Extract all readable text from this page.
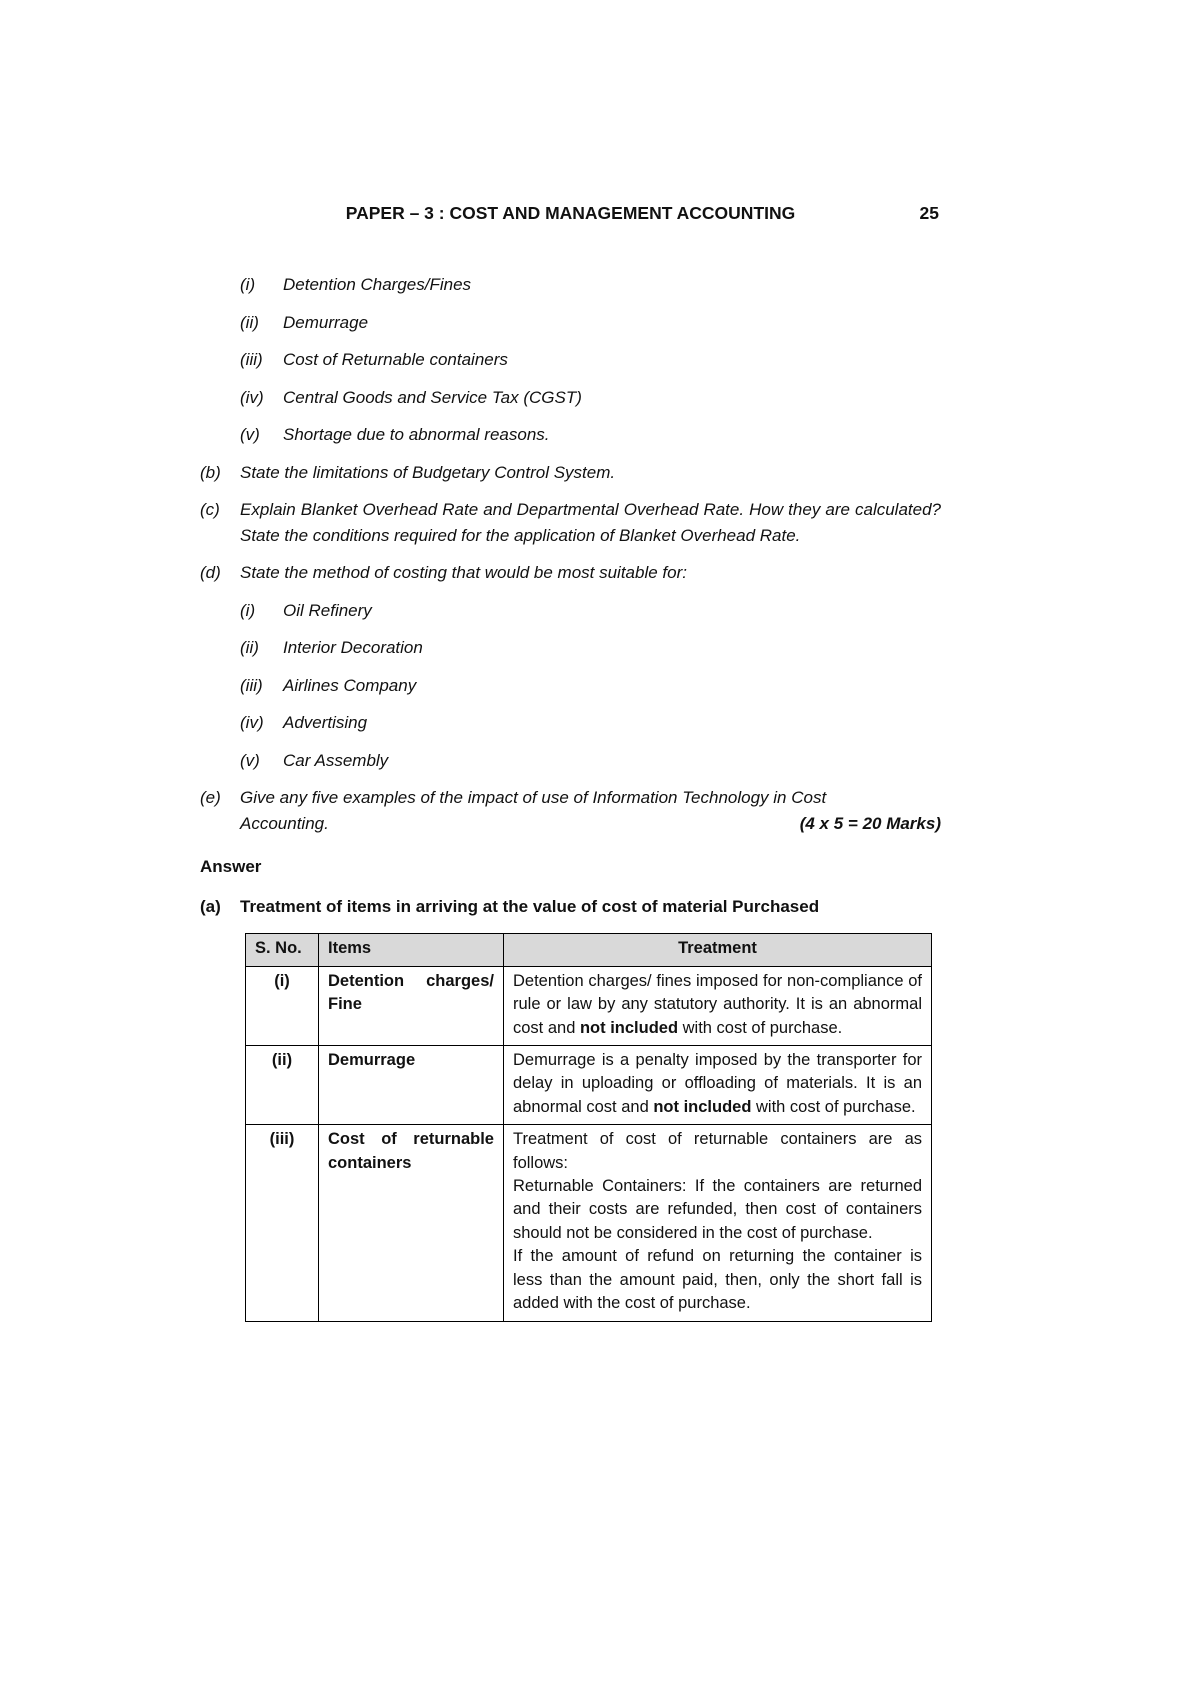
PAPER – 3 : COST AND MANAGEMENT ACCOUNTING	25
(i)	Detention Charges/Fines
(ii)	Demurrage
(iii)	Cost of Returnable containers
(iv)	Central Goods and Service Tax (CGST)
(v)	Shortage due to abnormal reasons.
(b)	State the limitations of Budgetary Control System.
(c)	Explain Blanket Overhead Rate and Departmental Overhead Rate. How they are calculated? State the conditions required for the application of Blanket Overhead Rate.
(d)	State the method of costing that would be most suitable for:
(i)	Oil Refinery
(ii)	Interior Decoration
(iii)	Airlines Company
(iv)	Advertising
(v)	Car Assembly
(e)	Give any five examples of the impact of use of Information Technology in Cost
Accounting.	(4 x 5 = 20 Marks)
Answer
(a)	Treatment of items in arriving at the value of cost of material Purchased
S. No.	Items	Treatment
(i)	Detention charges/ Fine	Detention charges/ fines imposed for non-compliance of rule or law by any statutory authority. It is an abnormal cost and not included with cost of purchase.

(ii)	Demurrage	Demurrage is a penalty imposed by the transporter for delay in uploading or offloading of materials. It is an abnormal cost and not included with cost of purchase.

(iii)	Cost of returnable containers	Treatment of cost of returnable containers are as follows:

Returnable Containers: If the containers are returned and their costs are refunded, then cost of containers should not be considered in the cost of purchase.

If the amount of refund on returning the container is less than the amount paid, then, only the short fall is added with the cost of purchase.
